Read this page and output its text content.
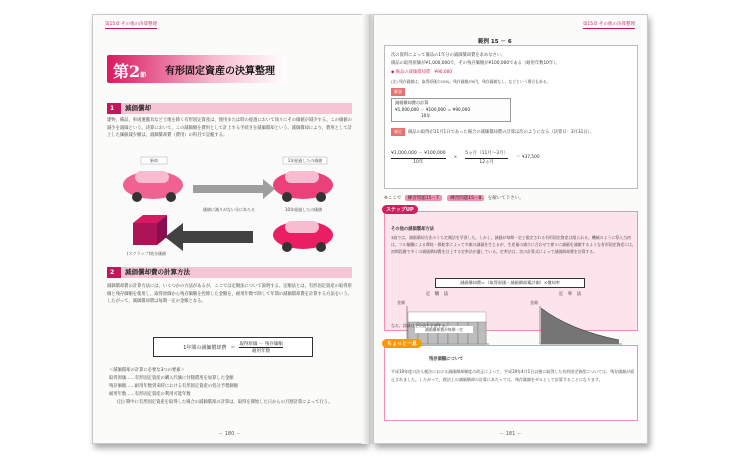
第15章 その他の決算整理
第2節 有形固定資産の決算整理
1 減価償却
建物，備品，車両運搬具など土地を除く有形固定資産は，使用または時の経過において徐々にその価値が減少する。この価値の減少を減価という。決算において，この減価額を費用として計上する手続きを減価償却という。減価償却により，費用として計上した価値減少額は，減価償却費（費用）の科目で記帳する。
新車	1年経過したの価値
価値に減りがない分にあたる	10年経過したの価値
(スクラップ)処分価値
2 減価償却費の計算方法
減価償却費の計算方法には，いくつかの方法があるが，ここでは定額法について説明する。定額法とは，有形固定資産の取得原価と残存価額を使用し，取得原価から残存価額を控除した金額を，耐用年数で除して年間の減価償却費を計算する方法をいう。したがって，減価償却費は毎期一定の金額となる。
1年間の減価償却費 ＝ $\frac{\text{取得原価 － 残存価額}}{\text{耐用年数}}$
＜減価償却の計算に必要な3つの要素＞
取得原価……有形固定資産の購入代価に付随費用を加算した金額
残存価額……耐用年数到来時における有形固定資産の処分予想価額
耐用年数……有形固定資産の利用可能年数
(注) 期中に有形固定資産を取得した場合の減価償却の計算は，取得を開始した日からの月割計算によって行う。
－ 180 －
第15章 その他の決算整理
次の資料によって備品の1年分の減価償却費を求めなさい。
備品の取得原価が¥1,000,000で，その残存価額が¥100,000である（耐用年数10年）。
◆ 備品の減価償却費　¥90,000
(注) 残存価額は，取得原価の10%。残存価額が0円，残存価額なし，などという場合もある。
解説
減価償却費の計算
¥1,000,000 － ¥100,000 ＝ ¥90,000
10年
補足 備品の取得が11月1日であった場合の減価償却費の計算は次のようになる（決算日：3月31日）。
$\frac{¥1,000,000 - ¥100,000}{\text{10年}} \times \frac{\text{5ヵ月（11月～3月）}}{\text{12ヵ月}}$ ＝ ¥37,500
範例 15 － 6
※ここで 練習問題15－7	練習問題15－8 を解いて下さい。
その他の減価償却方法
3級では，減価償却方法のうち定額法を学習した。しかし，減価が毎期一定と限定される有形固定資産は限られる。機械のように導入当初は，フル稼働による摩耗・損耗等によって多額の減価を生じるが，生産量の減少に合わせて徐々に減価を減額するような有形固定資産には，初期段階で多くの減価償却費を計上する定率法が適している。定率法は，次の計算式によって減価償却費を計算する。
減価償却費＝（取得原価－減価償却累計額）×償却率
定　額　法
金額
減価償却費が毎期一定
定　率　法
金額
なお，詳細は上位級で学習する。
ステップUP
残存価額について
平成19年度の法人税法における減価償却制度の改正によって，平成19年4月1日以後に取得した有形固定資産については，残存価額が廃止されました。したがって，税法上の減価償却の計算にあたっては，残存価額をゼロとして計算することになります。
ちょっと一息
－ 181 －
